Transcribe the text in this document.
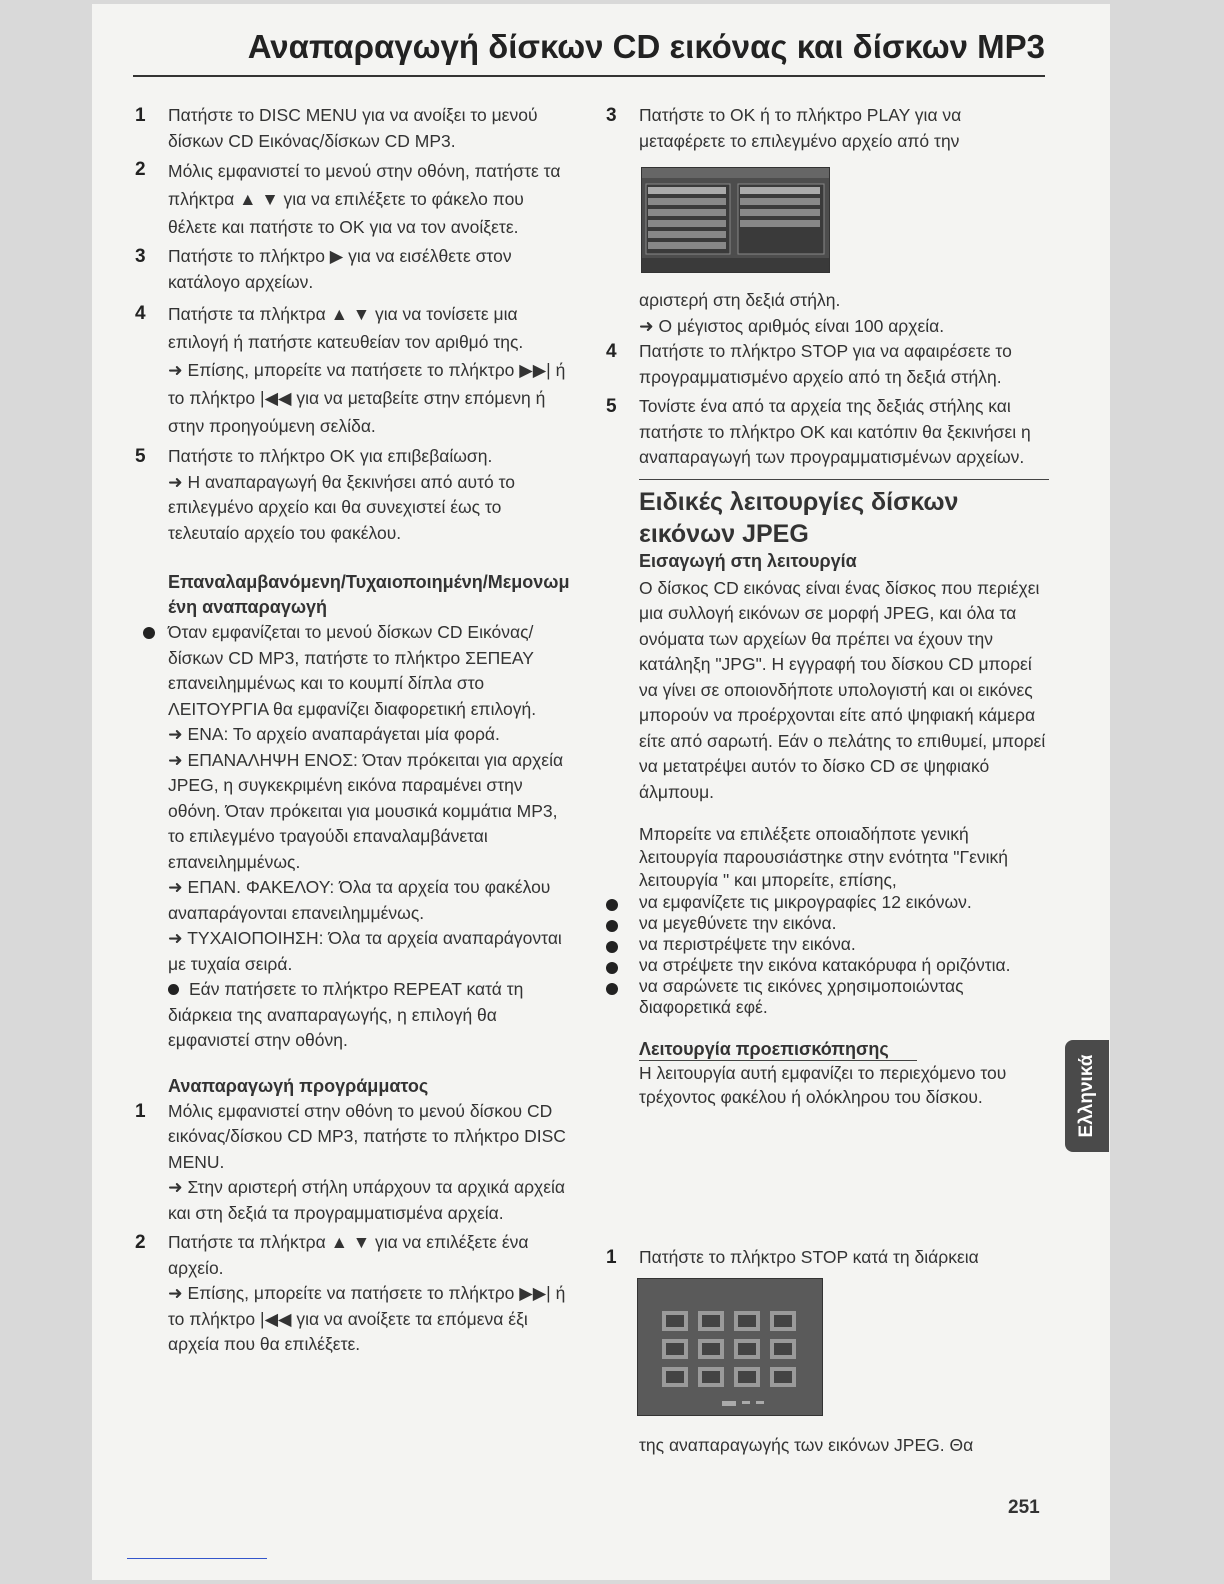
Αναπαραγωγή δίσκων CD εικόνας και δίσκων MP3

1 Πατήστε το DISC MENU για να ανοίξει το μενού δίσκων CD Εικόνας/δίσκων CD MP3.

2 Μόλις εμφανιστεί το μενού στην οθόνη, πατήστε τα πλήκτρα ▲ ▼ για να επιλέξετε το φάκελο που θέλετε και πατήστε το OK για να τον ανοίξετε.

3 Πατήστε το πλήκτρο ▶ για να εισέλθετε στον κατάλογο αρχείων.

4 Πατήστε τα πλήκτρα ▲ ▼ για να τονίσετε μια επιλογή ή πατήστε κατευθείαν τον αριθμό της.

➜ Επίσης, μπορείτε να πατήσετε το πλήκτρο ▶▶| ή το πλήκτρο |◀◀ για να μεταβείτε στην επόμενη ή στην προηγούμενη σελίδα.

5 Πατήστε το πλήκτρο OK για επιβεβαίωση.

➜ Η αναπαραγωγή θα ξεκινήσει από αυτό το επιλεγμένο αρχείο και θα συνεχιστεί έως το τελευταίο αρχείο του φακέλου.

Επαναλαμβανόμενη/Τυχαιοποιημένη/Μεμονωμένη αναπαραγωγή

Όταν εμφανίζεται το μενού δίσκων CD Εικόνας/δίσκων CD MP3, πατήστε το πλήκτρο ΣΕΠΕΑΥ επανειλημμένως και το κουμπί δίπλα στο ΛΕΙΤΟΥΡΓΙΑ θα εμφανίζει διαφορετική επιλογή.

➜ ΕΝΑ: Το αρχείο αναπαράγεται μία φορά.

➜ ΕΠΑΝΑΛΗΨΗ ΕΝΟΣ: Όταν πρόκειται για αρχεία JPEG, η συγκεκριμένη εικόνα παραμένει στην οθόνη. Όταν πρόκειται για μουσικά κομμάτια MP3, το επιλεγμένο τραγούδι επαναλαμβάνεται επανειλημμένως.

➜ ΕΠΑΝ. ΦΑΚΕΛΟΥ: Όλα τα αρχεία του φακέλου αναπαράγονται επανειλημμένως.

➜ ΤΥΧΑΙΟΠΟΙΗΣΗ: Όλα τα αρχεία αναπαράγονται με τυχαία σειρά.

Εάν πατήσετε το πλήκτρο REPEAT κατά τη διάρκεια της αναπαραγωγής, η επιλογή θα εμφανιστεί στην οθόνη.

Αναπαραγωγή προγράμματος

1 Μόλις εμφανιστεί στην οθόνη το μενού δίσκου CD εικόνας/δίσκου CD MP3, πατήστε το πλήκτρο DISC MENU.

➜ Στην αριστερή στήλη υπάρχουν τα αρχικά αρχεία και στη δεξιά τα προγραμματισμένα αρχεία.

2 Πατήστε τα πλήκτρα ▲ ▼ για να επιλέξετε ένα αρχείο.

➜ Επίσης, μπορείτε να πατήσετε το πλήκτρο ▶▶| ή το πλήκτρο |◀◀ για να ανοίξετε τα επόμενα έξι αρχεία που θα επιλέξετε.

3 Πατήστε το OK ή το πλήκτρο PLAY για να μεταφέρετε το επιλεγμένο αρχείο από την

αριστερή στη δεξιά στήλη.

➜ Ο μέγιστος αριθμός είναι 100 αρχεία.

4 Πατήστε το πλήκτρο STOP για να αφαιρέσετε το προγραμματισμένο αρχείο από τη δεξιά στήλη.

5 Τονίστε ένα από τα αρχεία της δεξιάς στήλης και πατήστε το πλήκτρο OK και κατόπιν θα ξεκινήσει η αναπαραγωγή των προγραμματισμένων αρχείων.

Ειδικές λειτουργίες δίσκων εικόνων JPEG

Εισαγωγή στη λειτουργία

Ο δίσκος CD εικόνας είναι ένας δίσκος που περιέχει μια συλλογή εικόνων σε μορφή JPEG, και όλα τα ονόματα των αρχείων θα πρέπει να έχουν την κατάληξη "JPG". Η εγγραφή του δίσκου CD μπορεί να γίνει σε οποιονδήποτε υπολογιστή και οι εικόνες μπορούν να προέρχονται είτε από ψηφιακή κάμερα είτε από σαρωτή. Εάν ο πελάτης το επιθυμεί, μπορεί να μετατρέψει αυτόν το δίσκο CD σε ψηφιακό άλμπουμ.

Μπορείτε να επιλέξετε οποιαδήποτε γενική λειτουργία παρουσιάστηκε στην ενότητα "Γενική λειτουργία " και μπορείτε, επίσης,

να εμφανίζετε τις μικρογραφίες 12 εικόνων.

να μεγεθύνετε την εικόνα.

να περιστρέψετε την εικόνα.

να στρέψετε την εικόνα κατακόρυφα ή οριζόντια.

να σαρώνετε τις εικόνες χρησιμοποιώντας διαφορετικά εφέ.

Λειτουργία προεπισκόπησης

Η λειτουργία αυτή εμφανίζει το περιεχόμενο του τρέχοντος φακέλου ή ολόκληρου του δίσκου.

1 Πατήστε το πλήκτρο STOP κατά τη διάρκεια

της αναπαραγωγής των εικόνων JPEG. Θα

Ελληνικά
251
